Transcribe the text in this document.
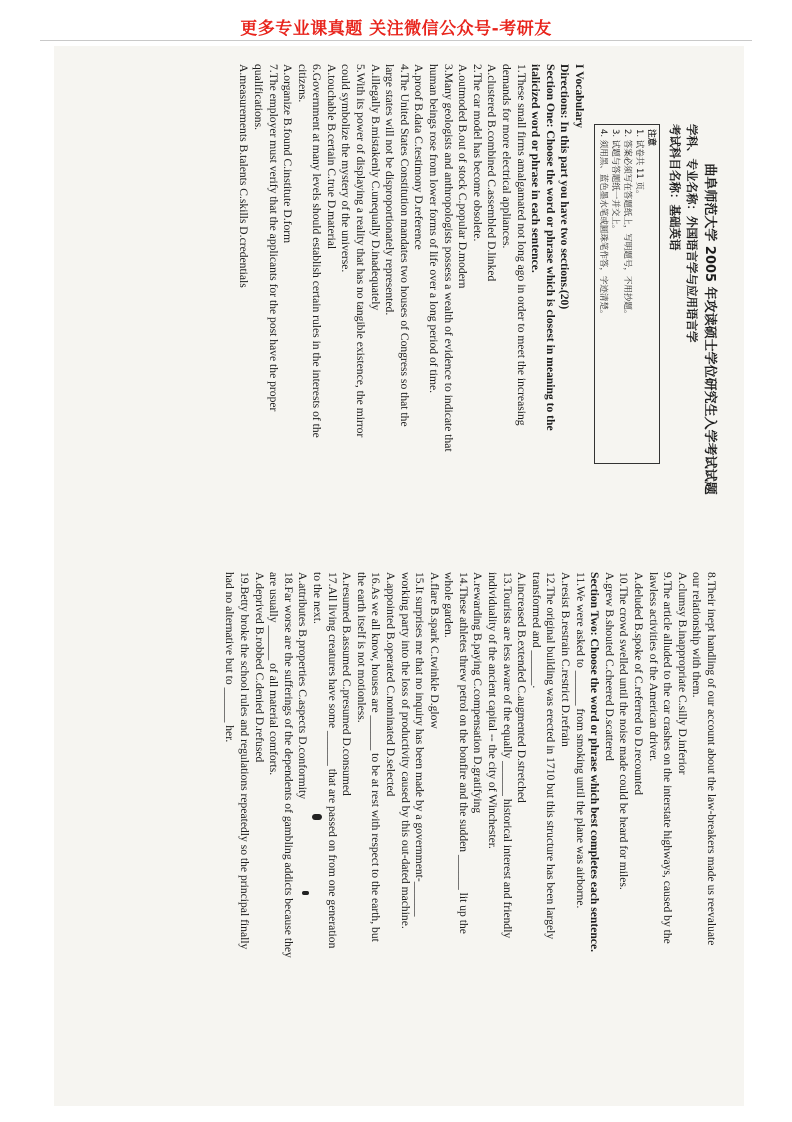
更多专业课真题 关注微信公众号-考研友
曲阜师范大学 2005 年攻读硕士学位研究生入学考试试题
学科、专业名称：外国语言学与应用语言学
考试科目名称：基础英语
注意
1. 试卷共 11 页。
2. 答案必须写在答题纸上，写明题号，不用抄题。
3. 试题与答题纸一并交上。
4. 须用黑、蓝色墨水笔或圆珠笔作答，字迹清楚。
I Vocabulary
Directions: In this part you have two sections.(20)
Section One: Choose the word or phrase which is closest in meaning to the
italicized word or phrase in each sentence.
1.These small firms amalgamated not long ago in order to meet the increasing
demands for more electrical appliances.
A.clustered B.combined C.assembled D.linked
2.The car model has become obsolete.
A.outmoded B.out of stock C.popular D.modern
3.Many geologists and anthropologists possess a wealth of evidence to indicate that
human beings rose from lower forms of life over a long period of time.
A.proof B.data C.testimony D.reference
4.The United States Constitution mandates two houses of Congress so that the
large states will not be disproportionately represented.
A.illegally B.mistakenly C.unequally D.inadequately
5.With its power of displaying a reality that has no tangible existence, the mirror
could symbolize the mystery of the universe.
A.touchable B.certain C.true D.material
6.Government at many levels should establish certain rules in the interests of the
citizens.
A.organize B.found C.institute D.form
7.The employer must verify that the applicants for the post have the proper
qualifications.
A.measurements B.talents C.skills D.credentials
8.Their inept handling of our account about the law-breakers made us reevaluate
our relationship with them.
A.clumsy B.inappropriate C.silly D.inferior
9.The article alluded to the car crashes on the interstate highways, caused by the
lawless activities of the American driver.
A.deluded B.spoke of C.referred to D.recounted
10.The crowd swelled until the noise made could be heard for miles.
A.grew B.shouted C.cheered D.scattered
Section Two: Choose the word or phrase which best completes each sentence.
11.We were asked to ______ from smoking until the plane was airborne.
A.resist B.restrain C.restrict D.refrain
12.The original building was erected in 1710 but this structure has been largely
transformed and ______.
A.increased B.extended C.augmented D.stretched
13.Tourists are less aware of the equally ______ historical interest and friendly
individuality of the ancient capital -- the city of Winchester.
A.rewarding B.paying C.compensation D.gratifying
14.These athletes threw petrol on the bonfire and the sudden ______ lit up the
whole garden.
A.flare B.spark C.twinkle D.glow
15.It surprises me that no inquiry has been made by a government-______
working party into the loss of productivity caused by this out-dated machine.
A.appointed B.operated C.nominated D.selected
16.As we all know, houses are ______ to be at rest with respect to the earth, but
the earth itself is not motionless.
A.resumed B.assumed C.presumed D.consumed
17.All living creatures have some ______ that are passed on from one generation
to the next.
A.attributes B.properties C.aspects D.conformity
18.Far worse are the sufferings of the dependents of gambling addicts because they
are usually ______ of all material comforts.
A.deprived B.robbed C.denied D.refused
19.Betty broke the school rules and regulations repeatedly so the principal finally
had no alternative but to ______ her.
